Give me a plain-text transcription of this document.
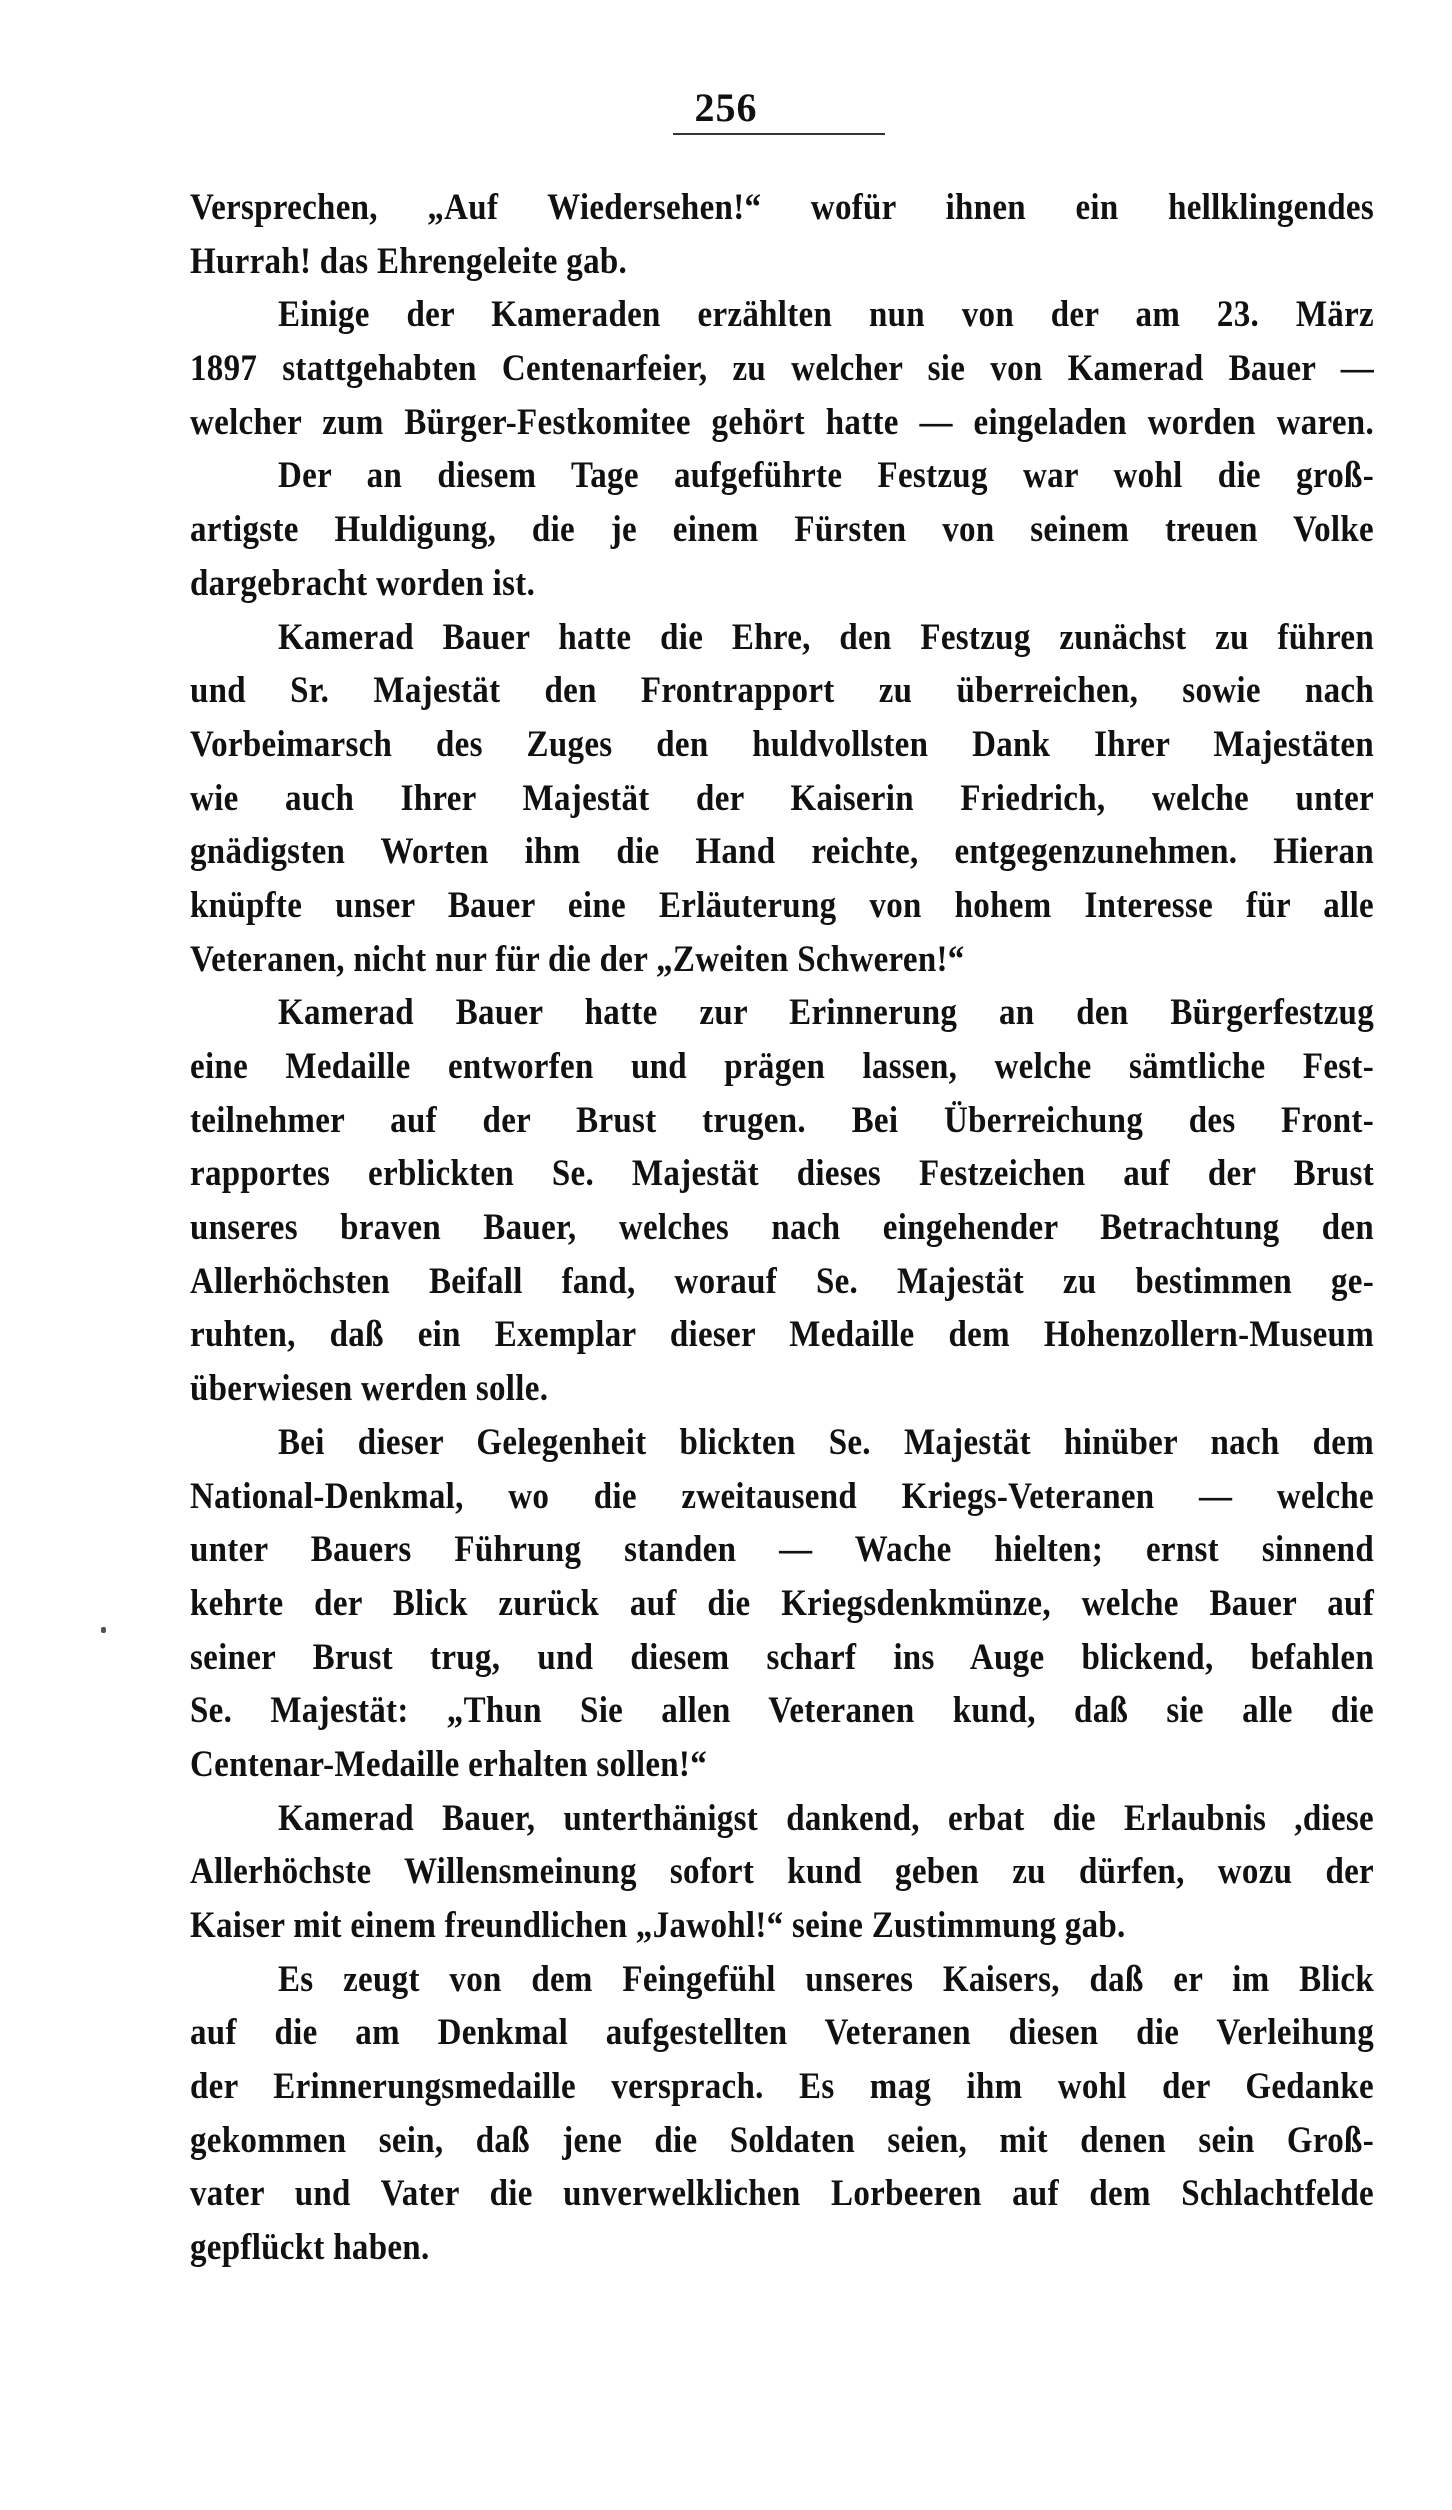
256
Versprechen, „Auf Wiedersehen!“ wofür ihnen ein hellklingendes
Hurrah! das Ehrengeleite gab.
Einige der Kameraden erzählten nun von der am 23. März
1897 stattgehabten Centenarfeier, zu welcher sie von Kamerad Bauer —
welcher zum Bürger-Festkomitee gehört hatte — eingeladen worden waren.
Der an diesem Tage aufgeführte Festzug war wohl die groß-
artigste Huldigung, die je einem Fürsten von seinem treuen Volke
dargebracht worden ist.
Kamerad Bauer hatte die Ehre, den Festzug zunächst zu führen
und Sr. Majestät den Frontrapport zu überreichen, sowie nach
Vorbeimarsch des Zuges den huldvollsten Dank Ihrer Majestäten
wie auch Ihrer Majestät der Kaiserin Friedrich, welche unter
gnädigsten Worten ihm die Hand reichte, entgegenzunehmen. Hieran
knüpfte unser Bauer eine Erläuterung von hohem Interesse für alle
Veteranen, nicht nur für die der „Zweiten Schweren!“
Kamerad Bauer hatte zur Erinnerung an den Bürgerfestzug
eine Medaille entworfen und prägen lassen, welche sämtliche Fest-
teilnehmer auf der Brust trugen. Bei Überreichung des Front-
rapportes erblickten Se. Majestät dieses Festzeichen auf der Brust
unseres braven Bauer, welches nach eingehender Betrachtung den
Allerhöchsten Beifall fand, worauf Se. Majestät zu bestimmen ge-
ruhten, daß ein Exemplar dieser Medaille dem Hohenzollern-Museum
überwiesen werden solle.
Bei dieser Gelegenheit blickten Se. Majestät hinüber nach dem
National-Denkmal, wo die zweitausend Kriegs-Veteranen — welche
unter Bauers Führung standen — Wache hielten; ernst sinnend
kehrte der Blick zurück auf die Kriegsdenkmünze, welche Bauer auf
seiner Brust trug, und diesem scharf ins Auge blickend, befahlen
Se. Majestät: „Thun Sie allen Veteranen kund, daß sie alle die
Centenar-Medaille erhalten sollen!“
Kamerad Bauer, unterthänigst dankend, erbat die Erlaubnis ,diese
Allerhöchste Willensmeinung sofort kund geben zu dürfen, wozu der
Kaiser mit einem freundlichen „Jawohl!“ seine Zustimmung gab.
Es zeugt von dem Feingefühl unseres Kaisers, daß er im Blick
auf die am Denkmal aufgestellten Veteranen diesen die Verleihung
der Erinnerungsmedaille versprach. Es mag ihm wohl der Gedanke
gekommen sein, daß jene die Soldaten seien, mit denen sein Groß-
vater und Vater die unverwelklichen Lorbeeren auf dem Schlachtfelde
gepflückt haben.
